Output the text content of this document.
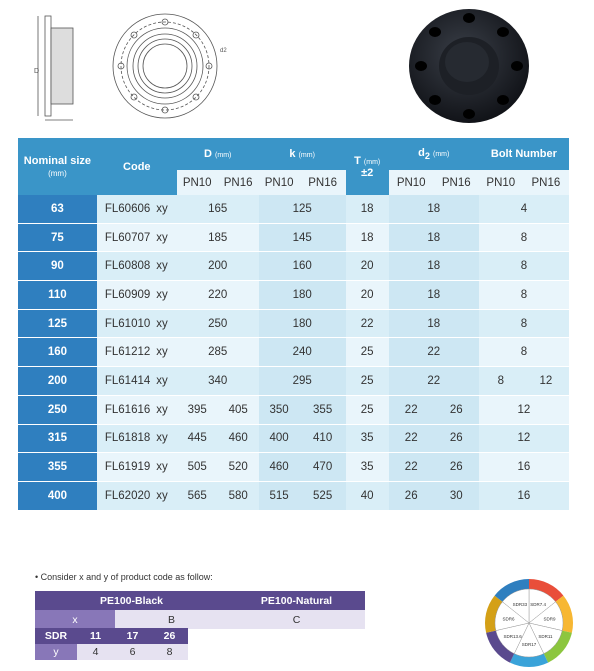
D
d2
Nominal size
(mm)	Code	D (mm)		k (mm)		T (mm)
±2	$d_2$ (mm)		Bolt Number	
		PN10	PN16	PN10	PN16		PN10	PN16	PN10	PN16
63	FL60606 xy	165		125		18	18		4	
75	FL60707 xy	185		145		18	18		8	
90	FL60808 xy	200		160		20	18		8	
110	FL60909 xy	220		180		20	18		8	
125	FL61010 xy	250		180		22	18		8	
160	FL61212 xy	285		240		25	22		8	
200	FL61414 xy	340		295		25	22		8	12
250	FL61616 xy	395	405	350	355	25	22	26	12	
315	FL61818 xy	445	460	400	410	35	22	26	12	
355	FL61919 xy	505	520	460	470	35	22	26	16	
400	FL62020 xy	565	580	515	525	40	26	30	16	
• Consider x and y of product code as follow:
PE100-Black		PE100-Natural
x	B	C
SDR	11	17	26
y	4	6	8
SDR7.4
SDR9
SDR11
SDR17
SDR13.6
SDR6
SDR33
